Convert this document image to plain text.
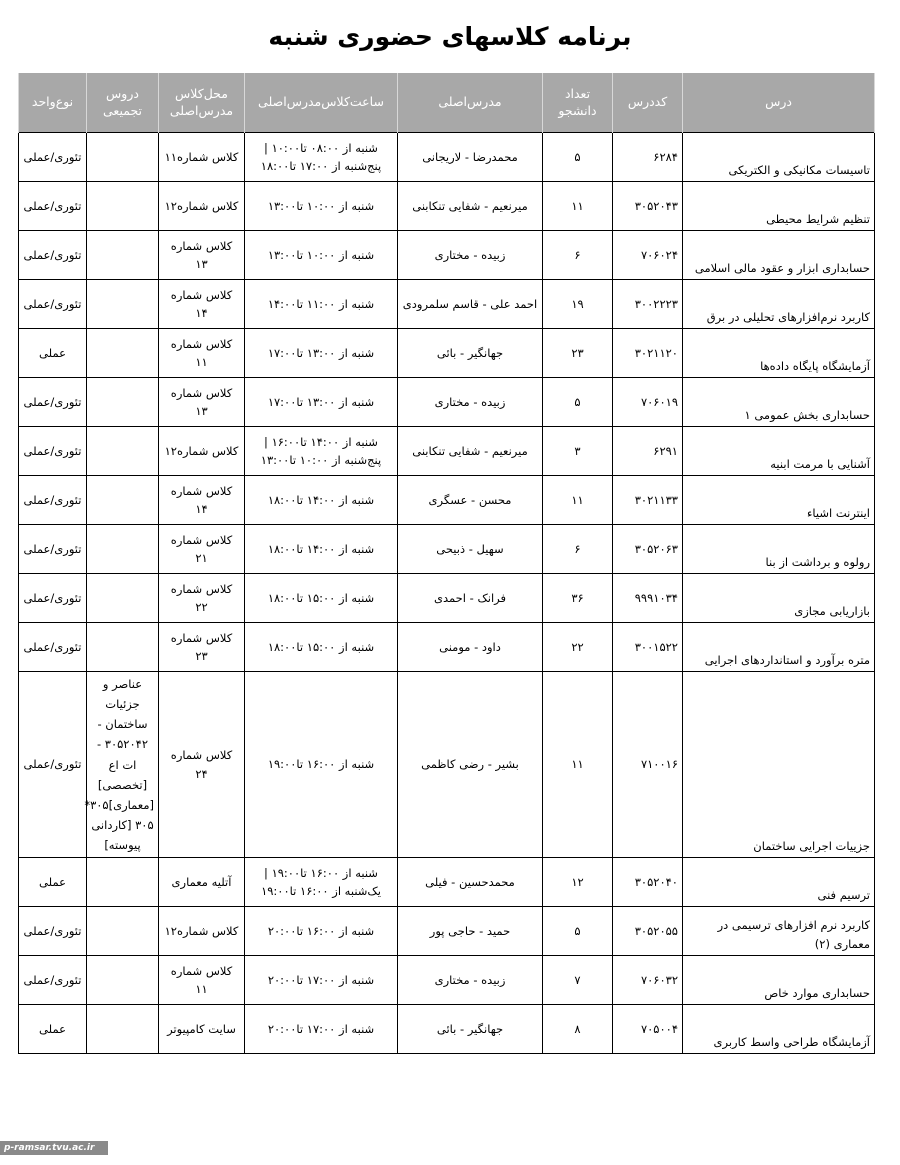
برنامه کلاسهای حضوری شنبه
درس	کددرس	تعداد دانشجو	مدرس‌اصلی	ساعت‌کلاس‌مدرس‌اصلی	محل‌کلاس مدرس‌اصلی	دروس تجمیعی	نوع‌واحد
تاسیسات مکانیکی و الکتریکی	۶۲۸۴	۵	محمدرضا - لاریجانی	شنبه از ۰۸:۰۰ تا۱۰:۰۰ | پنج‌شنبه از ۱۷:۰۰ تا۱۸:۰۰	کلاس شماره۱۱		تئوری/عملی
تنظیم شرایط محیطی	۳۰۵۲۰۴۳	۱۱	میرنعیم - شفایی تنکابنی	شنبه از ۱۰:۰۰ تا۱۳:۰۰	کلاس شماره۱۲		تئوری/عملی
حسابداری ابزار و عقود مالی اسلامی	۷۰۶۰۲۴	۶	زبیده - مختاری	شنبه از ۱۰:۰۰ تا۱۳:۰۰	کلاس شماره ۱۳		تئوری/عملی
کاربرد نرم‌افزارهای تحلیلی در برق	۳۰۰۲۲۲۳	۱۹	احمد علی - قاسم سلمرودی	شنبه از ۱۱:۰۰ تا۱۴:۰۰	کلاس شماره ۱۴		تئوری/عملی
آزمایشگاه پایگاه داده‌ها	۳۰۲۱۱۲۰	۲۳	جهانگیر - بائی	شنبه از ۱۳:۰۰ تا۱۷:۰۰	کلاس شماره ۱۱		عملی
حسابداری بخش عمومی ۱	۷۰۶۰۱۹	۵	زبیده - مختاری	شنبه از ۱۳:۰۰ تا۱۷:۰۰	کلاس شماره ۱۳		تئوری/عملی
آشنایی با مرمت ابنیه	۶۲۹۱	۳	میرنعیم - شفایی تنکابنی	شنبه از ۱۴:۰۰ تا۱۶:۰۰ | پنج‌شنبه از ۱۰:۰۰ تا۱۳:۰۰	کلاس شماره۱۲		تئوری/عملی
اینترنت اشیاء	۳۰۲۱۱۳۳	۱۱	محسن - عسگری	شنبه از ۱۴:۰۰ تا۱۸:۰۰	کلاس شماره ۱۴		تئوری/عملی
رولوه و برداشت از بنا	۳۰۵۲۰۶۳	۶	سهیل - ذبیحی	شنبه از ۱۴:۰۰ تا۱۸:۰۰	کلاس شماره ۲۱		تئوری/عملی
بازاریابی مجازی	۹۹۹۱۰۳۴	۳۶	فرانک - احمدی	شنبه از ۱۵:۰۰ تا۱۸:۰۰	کلاس شماره ۲۲		تئوری/عملی
متره برآورد و استانداردهای اجرایی	۳۰۰۱۵۲۲	۲۲	داود - مومنی	شنبه از ۱۵:۰۰ تا۱۸:۰۰	کلاس شماره ۲۳		تئوری/عملی
جزییات اجرایی ساختمان	۷۱۰۰۱۶	۱۱	بشیر - رضی کاظمی	شنبه از ۱۶:۰۰ تا۱۹:۰۰	کلاس شماره ۲۴	عناصر و جزئیات ساختمان - ۳۰۵۲۰۴۲ - ا‌ت ا‌ع [تخصصی] [معماری]۳۰۵* ۳۰۵ [کاردانی پیوسته]	تئوری/عملی
ترسیم فنی	۳۰۵۲۰۴۰	۱۲	محمدحسین - فیلی	شنبه از ۱۶:۰۰ تا۱۹:۰۰ | یک‌شنبه از ۱۶:۰۰ تا۱۹:۰۰	آتلیه معماری		عملی
کاربرد نرم افزارهای ترسیمی در معماری (۲)	۳۰۵۲۰۵۵	۵	حمید - حاجی پور	شنبه از ۱۶:۰۰ تا۲۰:۰۰	کلاس شماره۱۲		تئوری/عملی
حسابداری موارد خاص	۷۰۶۰۳۲	۷	زبیده - مختاری	شنبه از ۱۷:۰۰ تا۲۰:۰۰	کلاس شماره ۱۱		تئوری/عملی
آزمایشگاه طراحی واسط کاربری	۷۰۵۰۰۴	۸	جهانگیر - بائی	شنبه از ۱۷:۰۰ تا۲۰:۰۰	سایت کامپیوتر		عملی
p-ramsar.tvu.ac.ir
